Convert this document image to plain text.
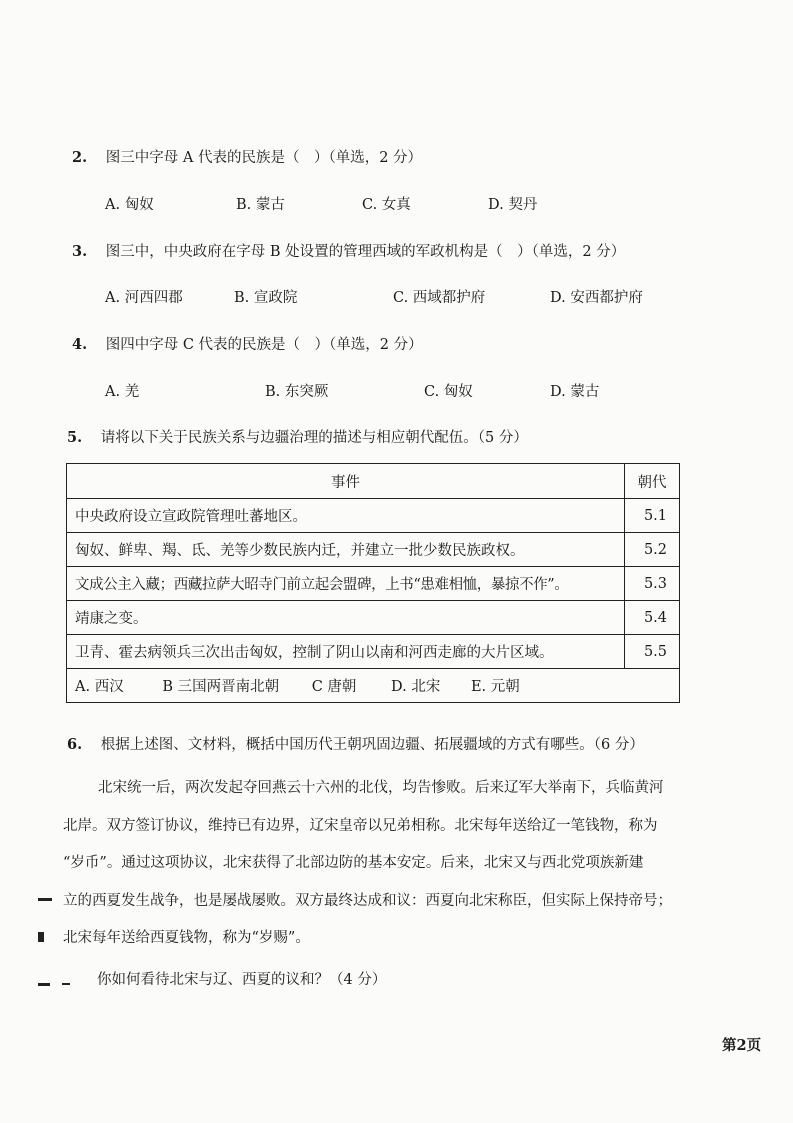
2. 图三中字母 A 代表的民族是（　）（单选，2 分）
A. 匈奴	B. 蒙古	C. 女真	D. 契丹
3. 图三中，中央政府在字母 B 处设置的管理西域的军政机构是（　）（单选，2 分）
A. 河西四郡	B. 宣政院	C. 西域都护府	D. 安西都护府
4. 图四中字母 C 代表的民族是（　）（单选，2 分）
A. 羌	B. 东突厥	C. 匈奴	D. 蒙古
5. 请将以下关于民族关系与边疆治理的描述与相应朝代配伍。（5 分）
事件	朝代
中央政府设立宣政院管理吐蕃地区。	5.1
匈奴、鲜卑、羯、氐、羌等少数民族内迁，并建立一批少数民族政权。	5.2
文成公主入藏；西藏拉萨大昭寺门前立起会盟碑，上书“患难相恤，暴掠不作”。	5.3
靖康之变。	5.4
卫青、霍去病领兵三次出击匈奴，控制了阴山以南和河西走廊的大片区域。	5.5
A. 西汉 B 三国两晋南北朝 C 唐朝 D. 北宋 E. 元朝	
6. 根据上述图、文材料，概括中国历代王朝巩固边疆、拓展疆域的方式有哪些。（6 分）
北宋统一后，两次发起夺回燕云十六州的北伐，均告惨败。后来辽军大举南下，兵临黄河
北岸。双方签订协议，维持已有边界，辽宋皇帝以兄弟相称。北宋每年送给辽一笔钱物，称为
“岁币”。通过这项协议，北宋获得了北部边防的基本安定。后来，北宋又与西北党项族新建
立的西夏发生战争，也是屡战屡败。双方最终达成和议：西夏向北宋称臣，但实际上保持帝号；
北宋每年送给西夏钱物，称为“岁赐”。
你如何看待北宋与辽、西夏的议和？（4 分）
第2页
